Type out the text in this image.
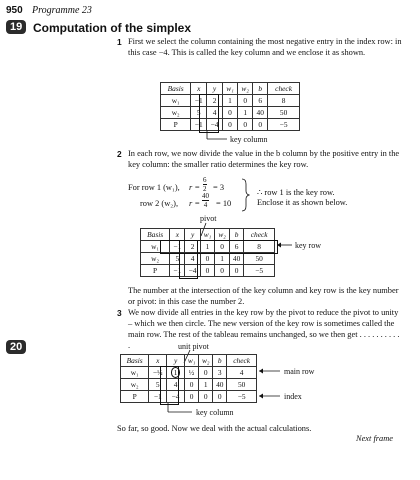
950 Programme 23
19 Computation of the simplex
1 First we select the column containing the most negative entry in the index row: in this case −4. This is called the key column and we enclose it as shown.
Basis	x	y	w₁	w₂	b	check
w₁	−1	2	1	0	6	8
w₂	5	4	0	1	40	50
P	−1	−4	0	0	0	−5
key column
2 In each row, we now divide the value in the b column by the positive entry in the key column: the smaller ratio determines the key row.
For row 1 (w₁), $r = \frac{6}{2} = 3$
row 2 (w₂), $r = \frac{40}{4} = 10$
∴ row 1 is the key row.
Enclose it as shown below.
pivot
Basis	x	y	w₁	w₂	b	check
w₁	−1	2	1	0	6	8
w₂	5	4	0	1	40	50
P	−1	−4	0	0	0	−5
key row
The number at the intersection of the key column and key row is the key number or pivot: in this case the number 2.
3 We now divide all entries in the key row by the pivot to reduce the pivot to unity – which we then circle. The new version of the key row is sometimes called the main row. The rest of the tableau remains unchanged, so we then get . . . . . . . . . . .
20	unit pivot
Basis	x	y	w₁	w₂	b	check
w₁	−½	1	½	0	3	4
w₂	5	4	0	1	40	50
P	−1	−4	0	0	0	−5
main row
index
key column
So far, so good. Now we deal with the actual calculations.
Next frame
